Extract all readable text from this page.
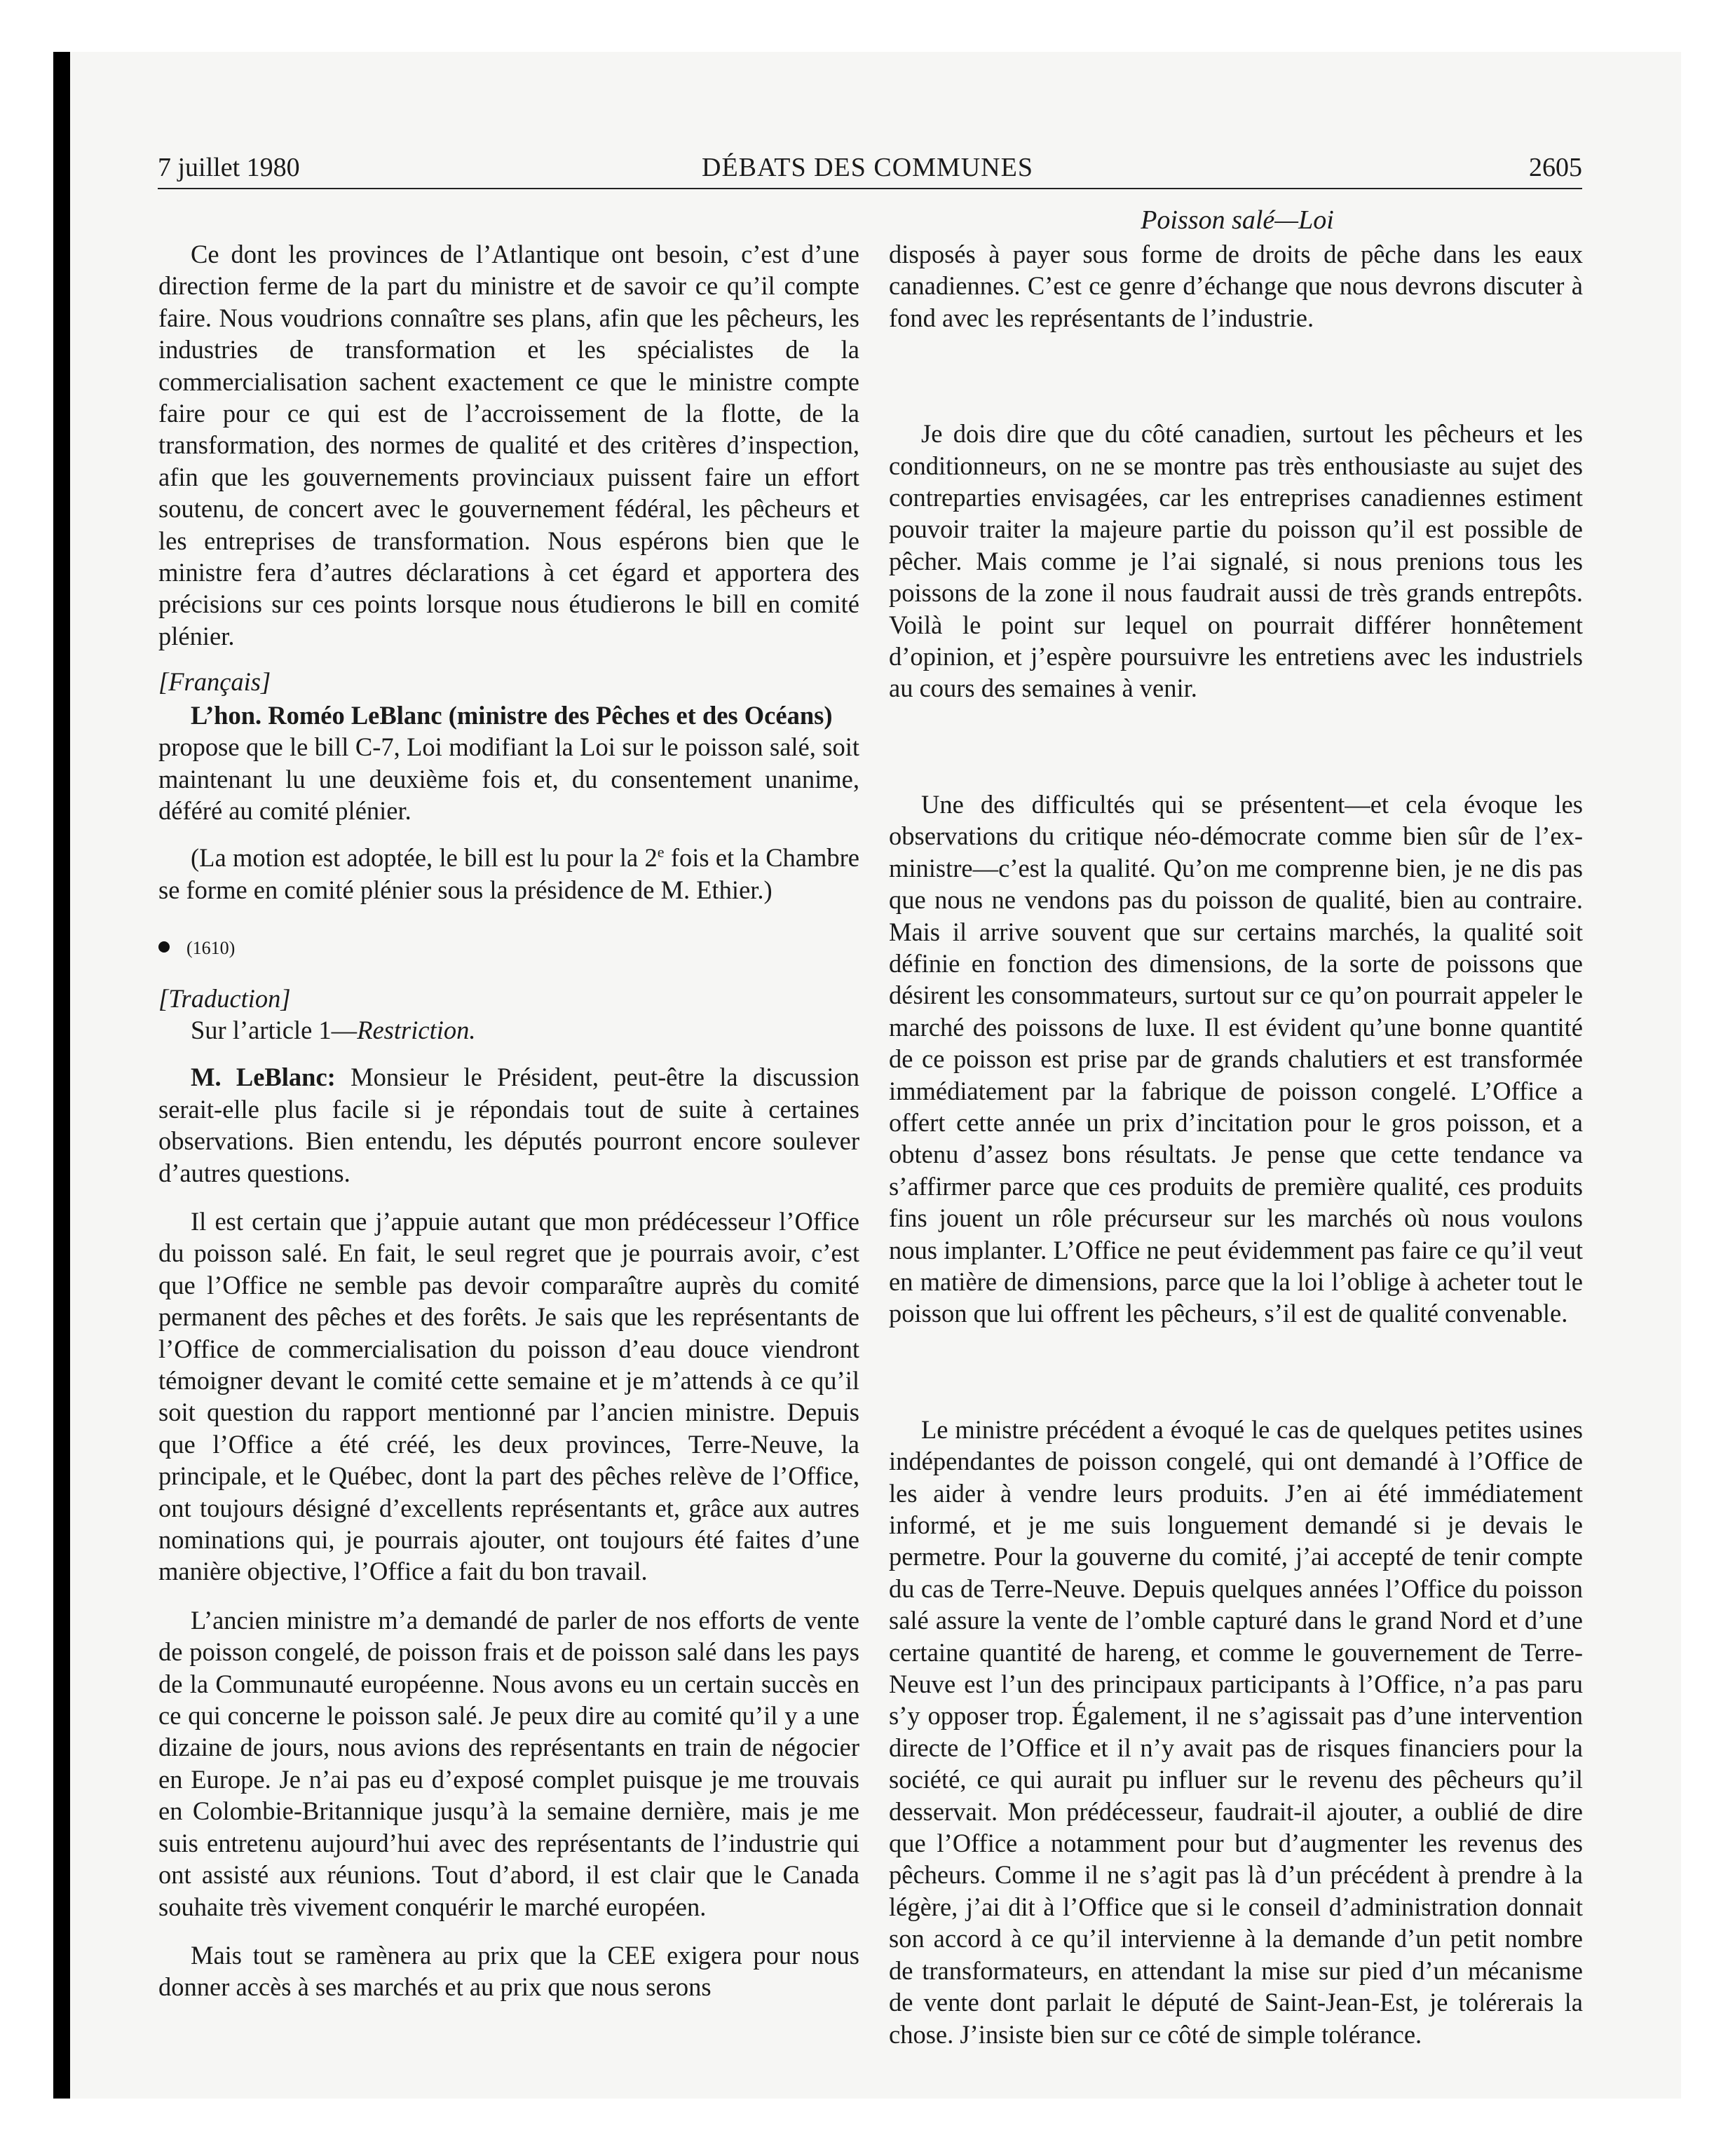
7 juillet 1980	DÉBATS DES COMMUNES	2605
Poisson salé—Loi

Ce dont les provinces de l’Atlantique ont besoin, c’est d’une direction ferme de la part du ministre et de savoir ce qu’il compte faire. Nous voudrions connaître ses plans, afin que les pêcheurs, les industries de transformation et les spécialistes de la commercialisation sachent exactement ce que le ministre compte faire pour ce qui est de l’accroissement de la flotte, de la transformation, des normes de qualité et des critères d’inspection, afin que les gouvernements provinciaux puissent faire un effort soutenu, de concert avec le gouvernement fédéral, les pêcheurs et les entreprises de transformation. Nous espérons bien que le ministre fera d’autres déclarations à cet égard et apportera des précisions sur ces points lorsque nous étudierons le bill en comité plénier.

[Français]

L’hon. Roméo LeBlanc (ministre des Pêches et des Océans)
propose que le bill C-7, Loi modifiant la Loi sur le poisson salé, soit maintenant lu une deuxième fois et, du consentement unanime, déféré au comité plénier.

(La motion est adoptée, le bill est lu pour la 2e fois et la Chambre se forme en comité plénier sous la présidence de M. Ethier.)

(1610)
[Traduction]

Sur l’article 1—Restriction.

M. LeBlanc: Monsieur le Président, peut-être la discussion serait-elle plus facile si je répondais tout de suite à certaines observations. Bien entendu, les députés pourront encore soulever d’autres questions.

Il est certain que j’appuie autant que mon prédécesseur l’Office du poisson salé. En fait, le seul regret que je pourrais avoir, c’est que l’Office ne semble pas devoir comparaître auprès du comité permanent des pêches et des forêts. Je sais que les représentants de l’Office de commercialisation du poisson d’eau douce viendront témoigner devant le comité cette semaine et je m’attends à ce qu’il soit question du rapport mentionné par l’ancien ministre. Depuis que l’Office a été créé, les deux provinces, Terre-Neuve, la principale, et le Québec, dont la part des pêches relève de l’Office, ont toujours désigné d’excellents représentants et, grâce aux autres nominations qui, je pourrais ajouter, ont toujours été faites d’une manière objective, l’Office a fait du bon travail.

L’ancien ministre m’a demandé de parler de nos efforts de vente de poisson congelé, de poisson frais et de poisson salé dans les pays de la Communauté européenne. Nous avons eu un certain succès en ce qui concerne le poisson salé. Je peux dire au comité qu’il y a une dizaine de jours, nous avions des représentants en train de négocier en Europe. Je n’ai pas eu d’exposé complet puisque je me trouvais en Colombie-Britannique jusqu’à la semaine dernière, mais je me suis entretenu aujourd’hui avec des représentants de l’industrie qui ont assisté aux réunions. Tout d’abord, il est clair que le Canada souhaite très vivement conquérir le marché européen.

Mais tout se ramènera au prix que la CEE exigera pour nous donner accès à ses marchés et au prix que nous serons

disposés à payer sous forme de droits de pêche dans les eaux canadiennes. C’est ce genre d’échange que nous devrons discuter à fond avec les représentants de l’industrie.

Je dois dire que du côté canadien, surtout les pêcheurs et les conditionneurs, on ne se montre pas très enthousiaste au sujet des contreparties envisagées, car les entreprises canadiennes estiment pouvoir traiter la majeure partie du poisson qu’il est possible de pêcher. Mais comme je l’ai signalé, si nous prenions tous les poissons de la zone il nous faudrait aussi de très grands entrepôts. Voilà le point sur lequel on pourrait différer honnêtement d’opinion, et j’espère poursuivre les entretiens avec les industriels au cours des semaines à venir.

Une des difficultés qui se présentent—et cela évoque les observations du critique néo-démocrate comme bien sûr de l’ex-ministre—c’est la qualité. Qu’on me comprenne bien, je ne dis pas que nous ne vendons pas du poisson de qualité, bien au contraire. Mais il arrive souvent que sur certains marchés, la qualité soit définie en fonction des dimensions, de la sorte de poissons que désirent les consommateurs, surtout sur ce qu’on pourrait appeler le marché des poissons de luxe. Il est évident qu’une bonne quantité de ce poisson est prise par de grands chalutiers et est transformée immédiatement par la fabrique de poisson congelé. L’Office a offert cette année un prix d’incitation pour le gros poisson, et a obtenu d’assez bons résultats. Je pense que cette tendance va s’affirmer parce que ces produits de première qualité, ces produits fins jouent un rôle précurseur sur les marchés où nous voulons nous implanter. L’Office ne peut évidemment pas faire ce qu’il veut en matière de dimensions, parce que la loi l’oblige à acheter tout le poisson que lui offrent les pêcheurs, s’il est de qualité convenable.

Le ministre précédent a évoqué le cas de quelques petites usines indépendantes de poisson congelé, qui ont demandé à l’Office de les aider à vendre leurs produits. J’en ai été immédiatement informé, et je me suis longuement demandé si je devais le permetre. Pour la gouverne du comité, j’ai accepté de tenir compte du cas de Terre-Neuve. Depuis quelques années l’Office du poisson salé assure la vente de l’omble capturé dans le grand Nord et d’une certaine quantité de hareng, et comme le gouvernement de Terre-Neuve est l’un des principaux participants à l’Office, n’a pas paru s’y opposer trop. Également, il ne s’agissait pas d’une intervention directe de l’Office et il n’y avait pas de risques financiers pour la société, ce qui aurait pu influer sur le revenu des pêcheurs qu’il desservait. Mon prédécesseur, faudrait-il ajouter, a oublié de dire que l’Office a notamment pour but d’augmenter les revenus des pêcheurs. Comme il ne s’agit pas là d’un précédent à prendre à la légère, j’ai dit à l’Office que si le conseil d’administration donnait son accord à ce qu’il intervienne à la demande d’un petit nombre de transformateurs, en attendant la mise sur pied d’un mécanisme de vente dont parlait le député de Saint-Jean-Est, je tolérerais la chose. J’insiste bien sur ce côté de simple tolérance.
